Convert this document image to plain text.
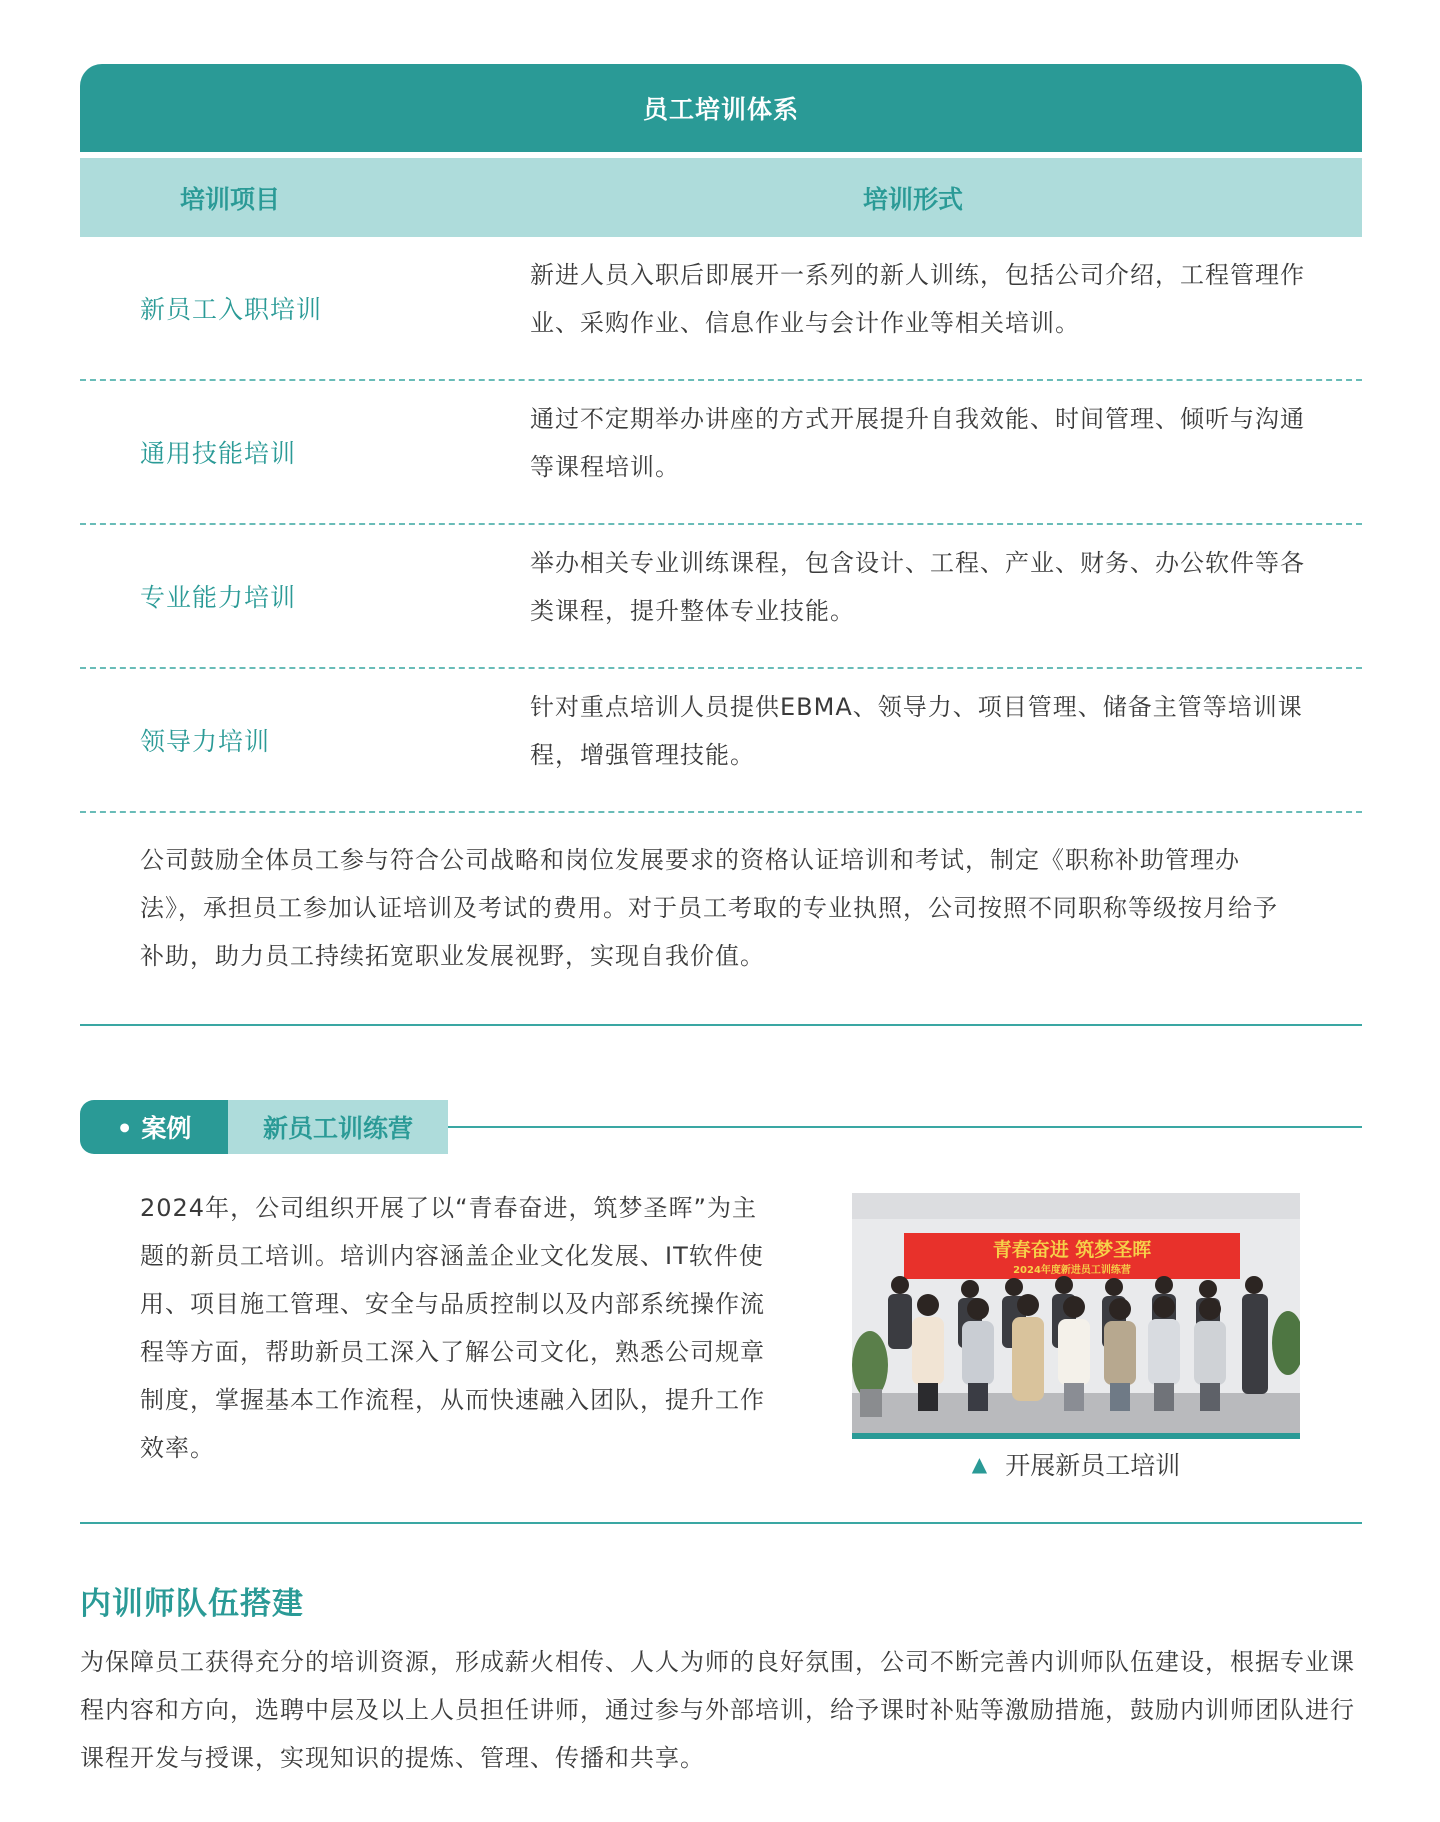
员工培训体系
培训项目	培训形式
新员工入职培训
新进人员入职后即展开一系列的新人训练，包括公司介绍，工程管理作业、采购作业、信息作业与会计作业等相关培训。
通用技能培训
通过不定期举办讲座的方式开展提升自我效能、时间管理、倾听与沟通等课程培训。
专业能力培训
举办相关专业训练课程，包含设计、工程、产业、财务、办公软件等各类课程，提升整体专业技能。
领导力培训
针对重点培训人员提供EBMA、领导力、项目管理、储备主管等培训课程，增强管理技能。
公司鼓励全体员工参与符合公司战略和岗位发展要求的资格认证培训和考试，制定《职称补助管理办法》，承担员工参加认证培训及考试的费用。对于员工考取的专业执照，公司按照不同职称等级按月给予补助，助力员工持续拓宽职业发展视野，实现自我价值。
• 案例	新员工训练营
2024年，公司组织开展了以“青春奋进，筑梦圣晖”为主题的新员工培训。培训内容涵盖企业文化发展、IT软件使用、项目施工管理、安全与品质控制以及内部系统操作流程等方面，帮助新员工深入了解公司文化，熟悉公司规章制度，掌握基本工作流程，从而快速融入团队，提升工作效率。
青春奋进 筑梦圣晖
2024年度新进员工训练营
▲ 开展新员工培训
内训师队伍搭建
为保障员工获得充分的培训资源，形成薪火相传、人人为师的良好氛围，公司不断完善内训师队伍建设，根据专业课程内容和方向，选聘中层及以上人员担任讲师，通过参与外部培训，给予课时补贴等激励措施，鼓励内训师团队进行课程开发与授课，实现知识的提炼、管理、传播和共享。
